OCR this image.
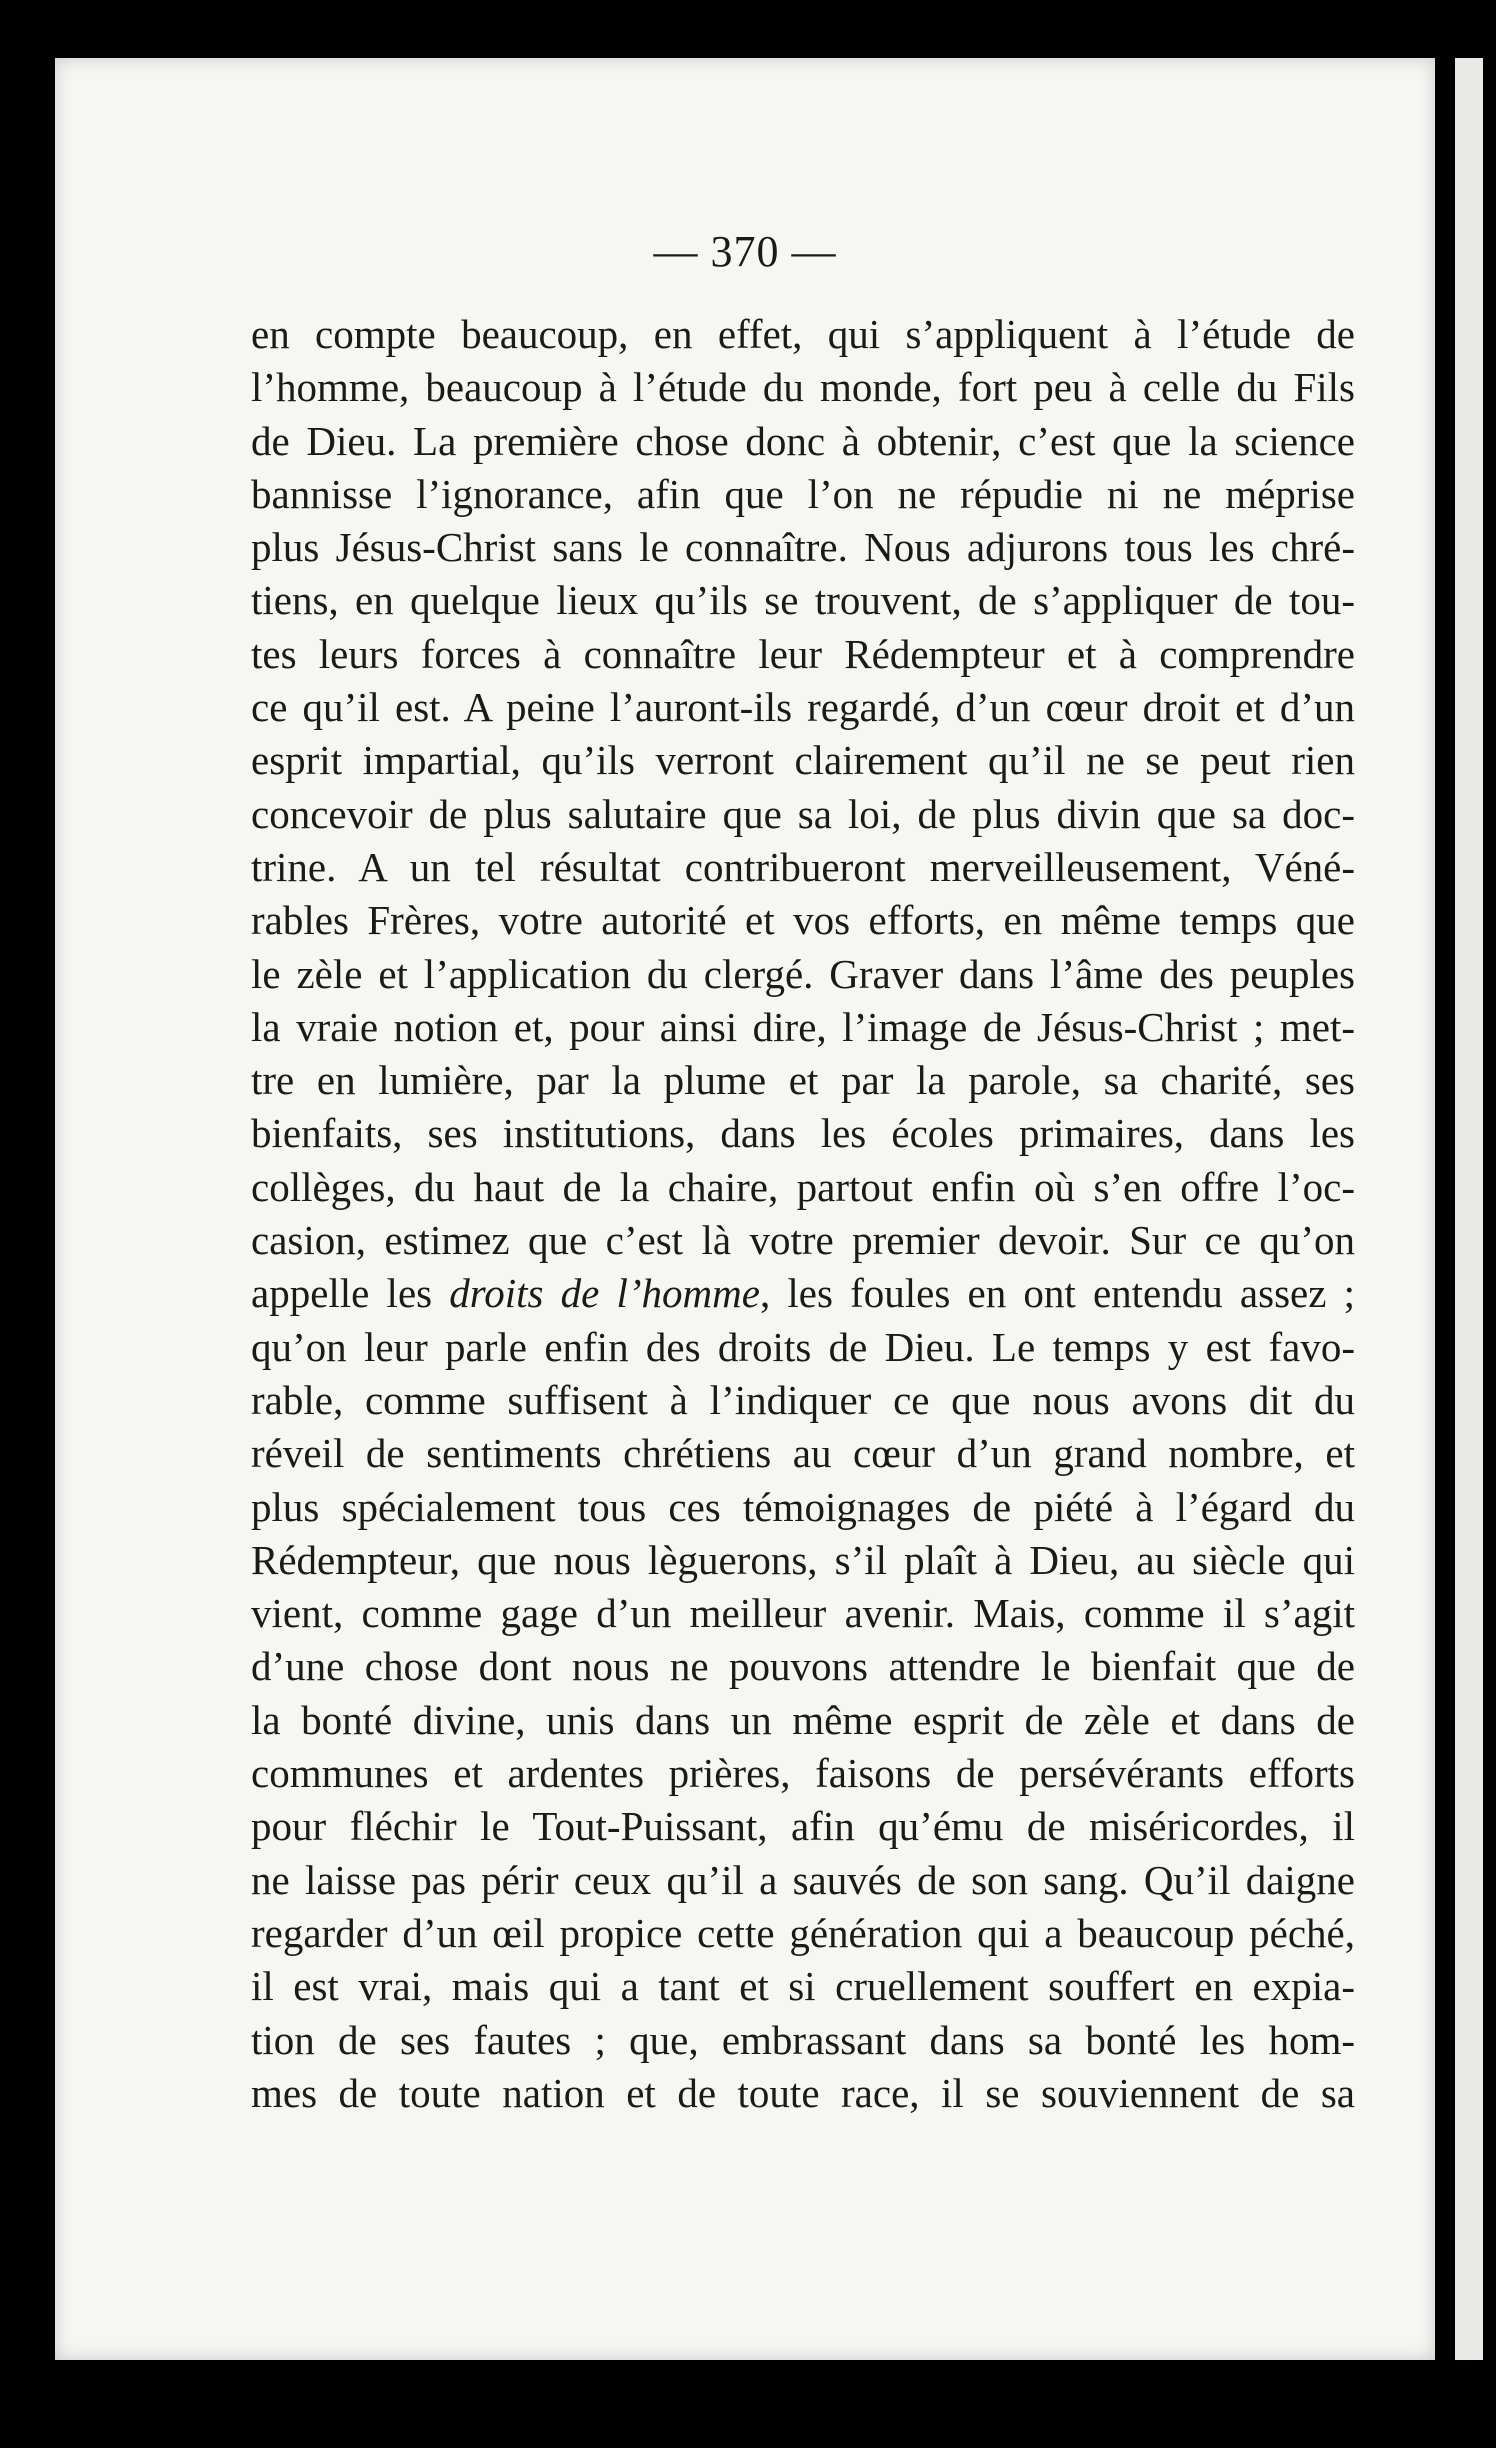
— 370 —
en compte beaucoup, en effet, qui s’appliquent à l’étude de
l’homme, beaucoup à l’étude du monde, fort peu à celle du Fils
de Dieu. La première chose donc à obtenir, c’est que la science
bannisse l’ignorance, afin que l’on ne répudie ni ne méprise
plus Jésus-Christ sans le connaître. Nous adjurons tous les chré-
tiens, en quelque lieux qu’ils se trouvent, de s’appliquer de tou-
tes leurs forces à connaître leur Rédempteur et à comprendre
ce qu’il est. A peine l’auront-ils regardé, d’un cœur droit et d’un
esprit impartial, qu’ils verront clairement qu’il ne se peut rien
concevoir de plus salutaire que sa loi, de plus divin que sa doc-
trine. A un tel résultat contribueront merveilleusement, Véné-
rables Frères, votre autorité et vos efforts, en même temps que
le zèle et l’application du clergé. Graver dans l’âme des peuples
la vraie notion et, pour ainsi dire, l’image de Jésus-Christ ; met-
tre en lumière, par la plume et par la parole, sa charité, ses
bienfaits, ses institutions, dans les écoles primaires, dans les
collèges, du haut de la chaire, partout enfin où s’en offre l’oc-
casion, estimez que c’est là votre premier devoir. Sur ce qu’on
appelle les droits de l’homme, les foules en ont entendu assez ;
qu’on leur parle enfin des droits de Dieu. Le temps y est favo-
rable, comme suffisent à l’indiquer ce que nous avons dit du
réveil de sentiments chrétiens au cœur d’un grand nombre, et
plus spécialement tous ces témoignages de piété à l’égard du
Rédempteur, que nous lèguerons, s’il plaît à Dieu, au siècle qui
vient, comme gage d’un meilleur avenir. Mais, comme il s’agit
d’une chose dont nous ne pouvons attendre le bienfait que de
la bonté divine, unis dans un même esprit de zèle et dans de
communes et ardentes prières, faisons de persévérants efforts
pour fléchir le Tout-Puissant, afin qu’ému de miséricordes, il
ne laisse pas périr ceux qu’il a sauvés de son sang. Qu’il daigne
regarder d’un œil propice cette génération qui a beaucoup péché,
il est vrai, mais qui a tant et si cruellement souffert en expia-
tion de ses fautes ; que, embrassant dans sa bonté les hom-
mes de toute nation et de toute race, il se souviennent de sa
